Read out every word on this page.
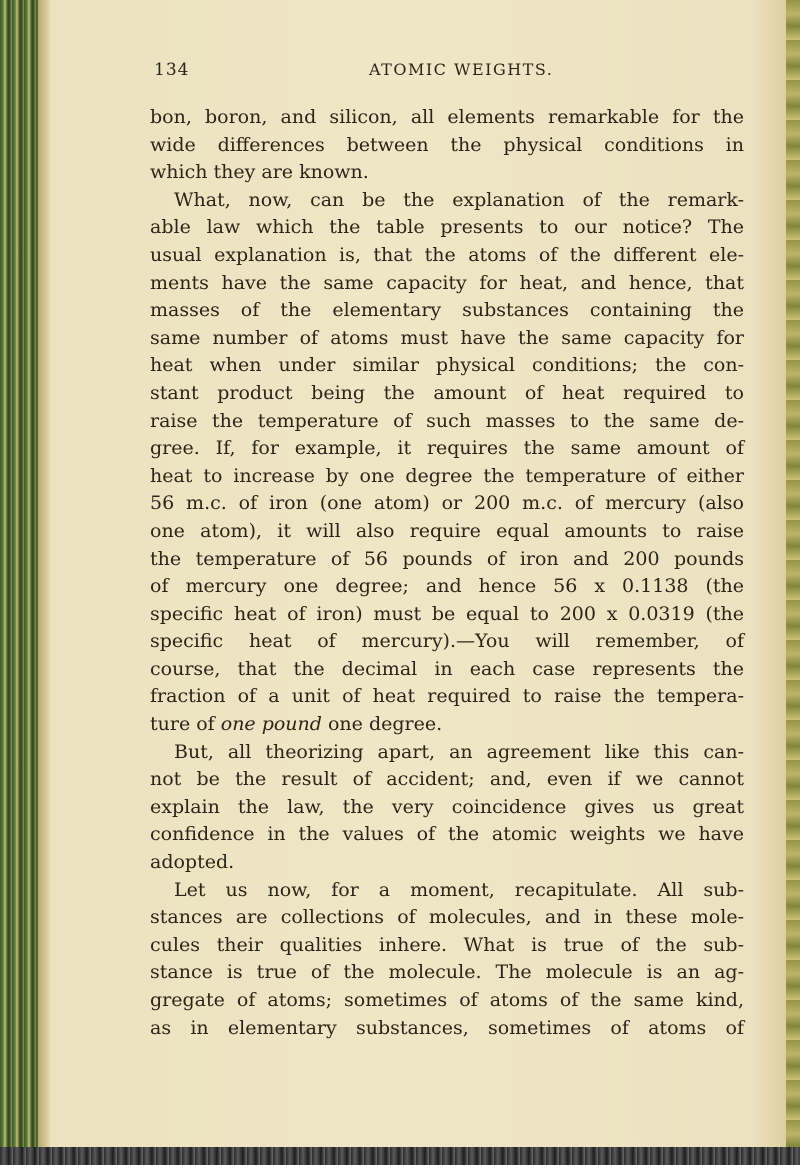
134	ATOMIC WEIGHTS.
bon, boron, and silicon, all elements remarkable for the
wide differences between the physical conditions in
which they are known.
What, now, can be the explanation of the remark-
able law which the table presents to our notice? The
usual explanation is, that the atoms of the different ele-
ments have the same capacity for heat, and hence, that
masses of the elementary substances containing the
same number of atoms must have the same capacity for
heat when under similar physical conditions; the con-
stant product being the amount of heat required to
raise the temperature of such masses to the same de-
gree. If, for example, it requires the same amount of
heat to increase by one degree the temperature of either
56 m.c. of iron (one atom) or 200 m.c. of mercury (also
one atom), it will also require equal amounts to raise
the temperature of 56 pounds of iron and 200 pounds
of mercury one degree; and hence 56 x 0.1138 (the
specific heat of iron) must be equal to 200 x 0.0319 (the
specific heat of mercury).—You will remember, of
course, that the decimal in each case represents the
fraction of a unit of heat required to raise the tempera-
ture of one pound one degree.
But, all theorizing apart, an agreement like this can-
not be the result of accident; and, even if we cannot
explain the law, the very coincidence gives us great
confidence in the values of the atomic weights we have
adopted.
Let us now, for a moment, recapitulate. All sub-
stances are collections of molecules, and in these mole-
cules their qualities inhere. What is true of the sub-
stance is true of the molecule. The molecule is an ag-
gregate of atoms; sometimes of atoms of the same kind,
as in elementary substances, sometimes of atoms of
